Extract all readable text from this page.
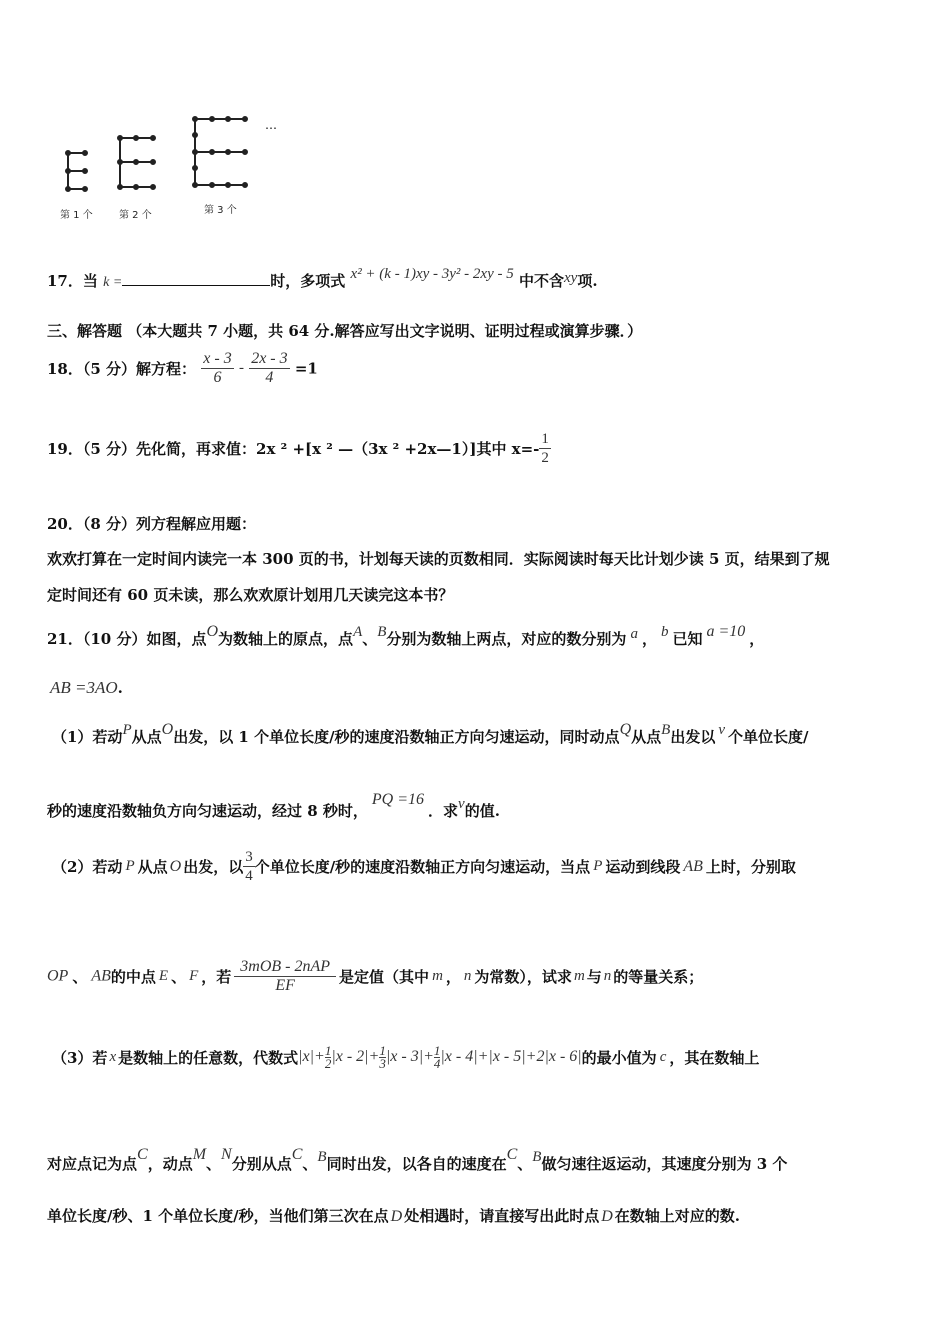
…
第 1 个	第 2 个	第 3 个
17．当 k =	时，多项式 x² + (k - 1)xy - 3y² - 2xy - 5 中不含xy项.
三、解答题 （本大题共 7 小题，共 64 分.解答应写出文字说明、证明过程或演算步骤．）
18．（5 分）解方程： $\frac{x - 3}{6} - \frac{2x - 3}{4} =1$
19．（5 分）先化简，再求值：2x ² +[x ² —（3x ² +2x—1）]其中 $x=- \frac{1}{2}$
20．（8 分）列方程解应用题：
欢欢打算在一定时间内读完一本 300 页的书，计划每天读的页数相同．实际阅读时每天比计划少读 5 页，结果到了规
定时间还有 60 页未读，那么欢欢原计划用几天读完这本书？
21．（10 分）如图，点O为数轴上的原点，点A、B分别为数轴上两点，对应的数分别为 a ， b 已知 a =10 ，
AB =3AO.
（1）若动P从点O出发，以 1 个单位长度/秒的速度沿数轴正方向匀速运动，同时动点Q从点B出发以 v 个单位长度/
秒的速度沿数轴负方向匀速运动，经过 8 秒时，PQ =16．求v的值.
（2）若动 P 从点 O 出发，以 $\frac{3}{4}$ 个单位长度/秒的速度沿数轴正方向匀速运动，当点 P 运动到线段 AB 上时，分别取
OP 、 AB的中点 E 、 F ，若 $\frac{\text{3mOB - 2nAP}}{EF}$ 是定值（其中 m ， n 为常数），试求 m 与 n 的等量关系；
（3）若 x 是数轴上的任意数，代数式$|x|+ \frac{1}{2} |x - 2|+ \frac{1}{3} |x - 3|+ \frac{1}{4} |x - 4|+|x - 5|+2|x - 6|$的最小值为 c ，其在数轴上
对应点记为点C，动点M、N分别从点C、B同时出发，以各自的速度在C、B做匀速往返运动，其速度分别为 3 个
单位长度/秒、1 个单位长度/秒，当他们第三次在点 D 处相遇时，请直接写出此时点 D 在数轴上对应的数.
